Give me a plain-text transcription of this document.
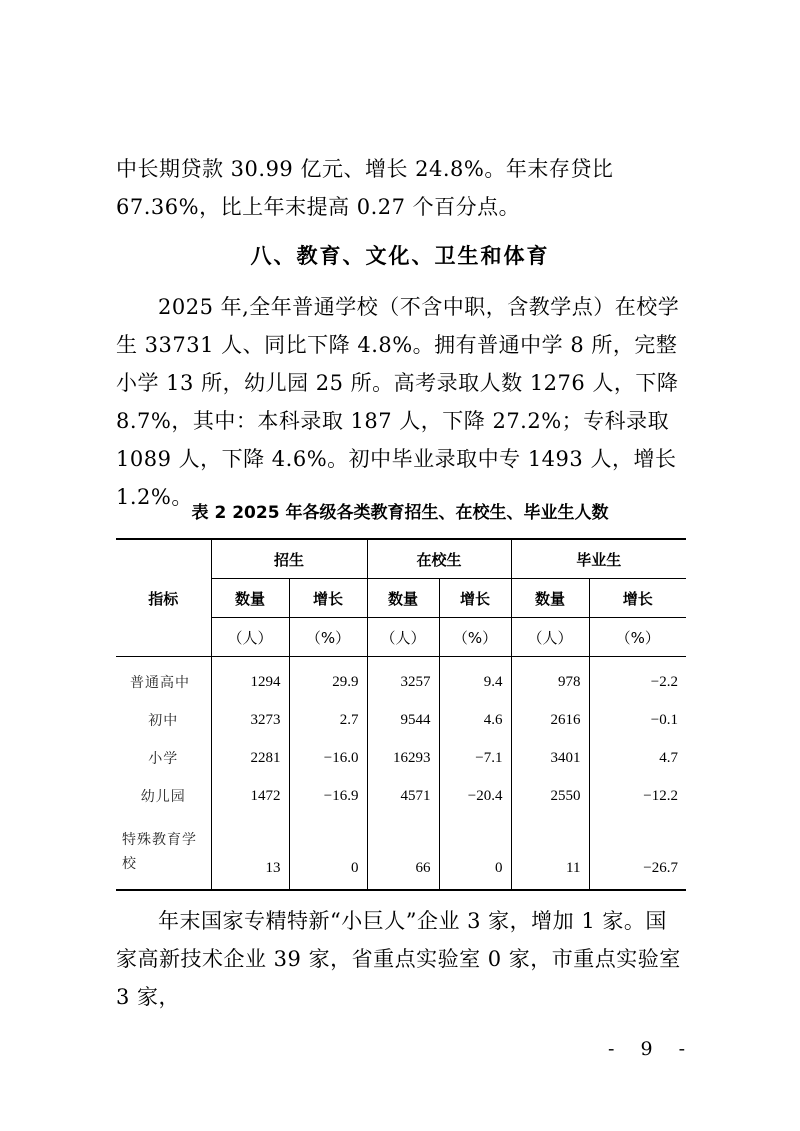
中长期贷款 30.99 亿元、增长 24.8%。年末存贷比 67.36%，比上年末提高 0.27 个百分点。

八、教育、文化、卫生和体育

2025 年,全年普通学校（不含中职，含教学点）在校学生 33731 人、同比下降 4.8%。拥有普通中学 8 所，完整小学 13 所，幼儿园 25 所。高考录取人数 1276 人，下降 8.7%，其中：本科录取 187 人，下降 27.2%；专科录取 1089 人，下降 4.6%。初中毕业录取中专 1493 人，增长 1.2%。

表 2 2025 年各级各类教育招生、在校生、毕业生人数
指标	招生		在校生		毕业生	
	数量	增长	数量	增长	数量	增长
	（人）	（%）	（人）	（%）	（人）	（%）
普通高中	1294	29.9	3257	9.4	978	−2.2
初中	3273	2.7	9544	4.6	2616	−0.1
小学	2281	−16.0	16293	−7.1	3401	4.7
幼儿园	1472	−16.9	4571	−20.4	2550	−12.2
特殊教育学校	13	0	66	0	11	−26.7

年末国家专精特新“小巨人”企业 3 家，增加 1 家。国家高新技术企业 39 家，省重点实验室 0 家，市重点实验室 3 家，

- 9 -
